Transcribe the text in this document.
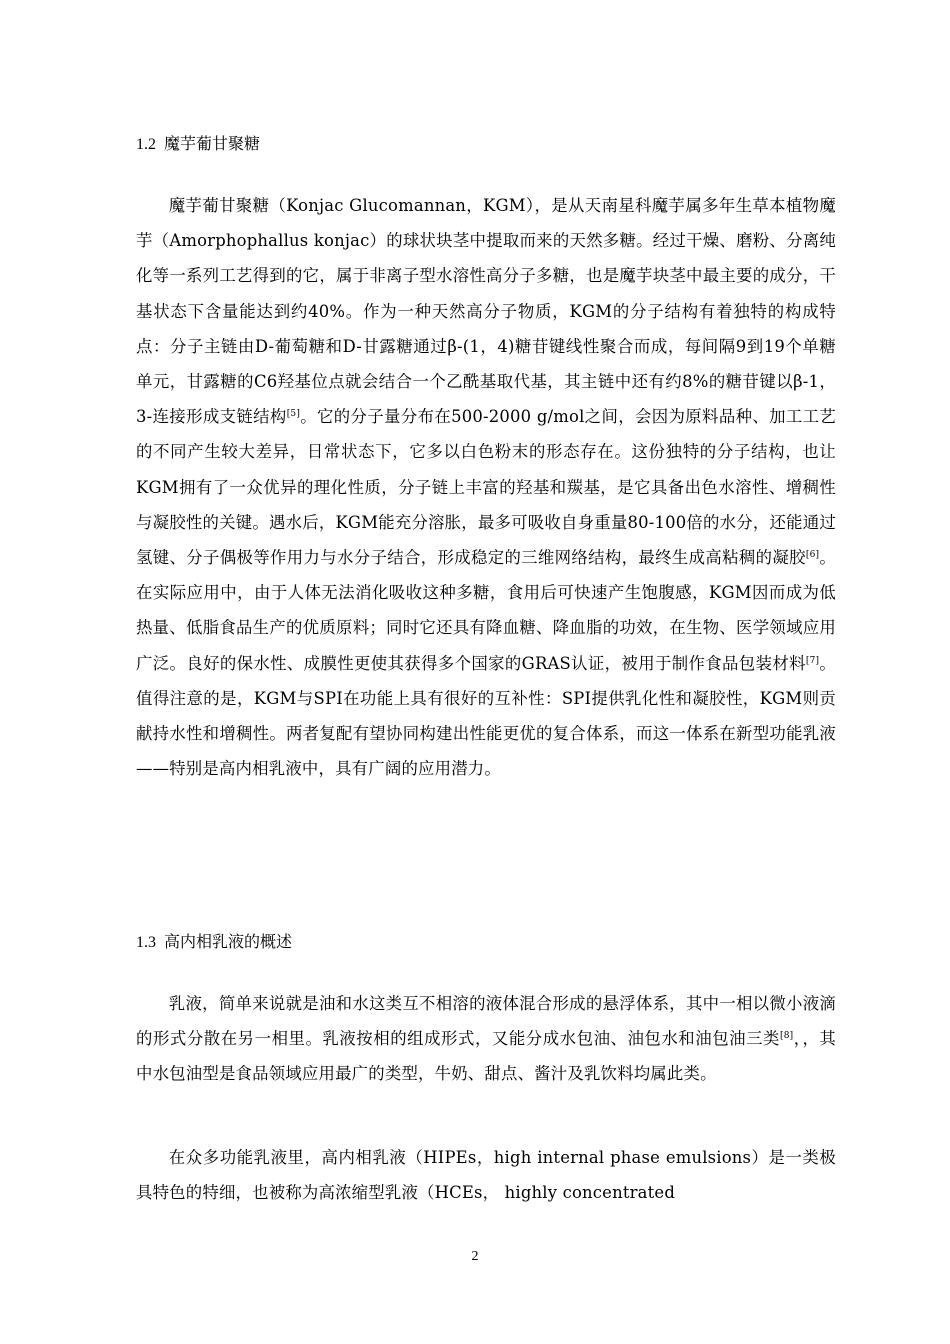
1.2 魔芋葡甘聚糖

魔芋葡甘聚糖（Konjac Glucomannan，KGM），是从天南星科魔芋属多年生草本植物魔芋（Amorphophallus konjac）的球状块茎中提取而来的天然多糖。经过干燥、磨粉、分离纯化等一系列工艺得到的它，属于非离子型水溶性高分子多糖，也是魔芋块茎中最主要的成分，干基状态下含量能达到约40%。作为一种天然高分子物质，KGM的分子结构有着独特的构成特点：分子主链由D-葡萄糖和D-甘露糖通过β-(1，4)糖苷键线性聚合而成，每间隔9到19个单糖单元，甘露糖的C6羟基位点就会结合一个乙酰基取代基，其主链中还有约8%的糖苷键以β-1，3-连接形成支链结构[5]。它的分子量分布在500-2000 g/mol之间，会因为原料品种、加工工艺的不同产生较大差异，日常状态下，它多以白色粉末的形态存在。这份独特的分子结构，也让KGM拥有了一众优异的理化性质，分子链上丰富的羟基和羰基，是它具备出色水溶性、增稠性与凝胶性的关键。遇水后，KGM能充分溶胀，最多可吸收自身重量80-100倍的水分，还能通过氢键、分子偶极等作用力与水分子结合，形成稳定的三维网络结构，最终生成高粘稠的凝胶[6]。在实际应用中，由于人体无法消化吸收这种多糖，食用后可快速产生饱腹感，KGM因而成为低热量、低脂食品生产的优质原料；同时它还具有降血糖、降血脂的功效，在生物、医学领域应用广泛。良好的保水性、成膜性更使其获得多个国家的GRAS认证，被用于制作食品包装材料[7]。值得注意的是，KGM与SPI在功能上具有很好的互补性：SPI提供乳化性和凝胶性，KGM则贡献持水性和增稠性。两者复配有望协同构建出性能更优的复合体系，而这一体系在新型功能乳液——特别是高内相乳液中，具有广阔的应用潜力。

1.3 高内相乳液的概述

乳液，简单来说就是油和水这类互不相溶的液体混合形成的悬浮体系，其中一相以微小液滴的形式分散在另一相里。乳液按相的组成形式，又能分成水包油、油包水和油包油三类[8]，，其中水包油型是食品领域应用最广的类型，牛奶、甜点、酱汁及乳饮料均属此类。

在众多功能乳液里，高内相乳液（HIPEs，high internal phase emulsions）是一类极具特色的特细，也被称为高浓缩型乳液（HCEs， highly concentrated

2
